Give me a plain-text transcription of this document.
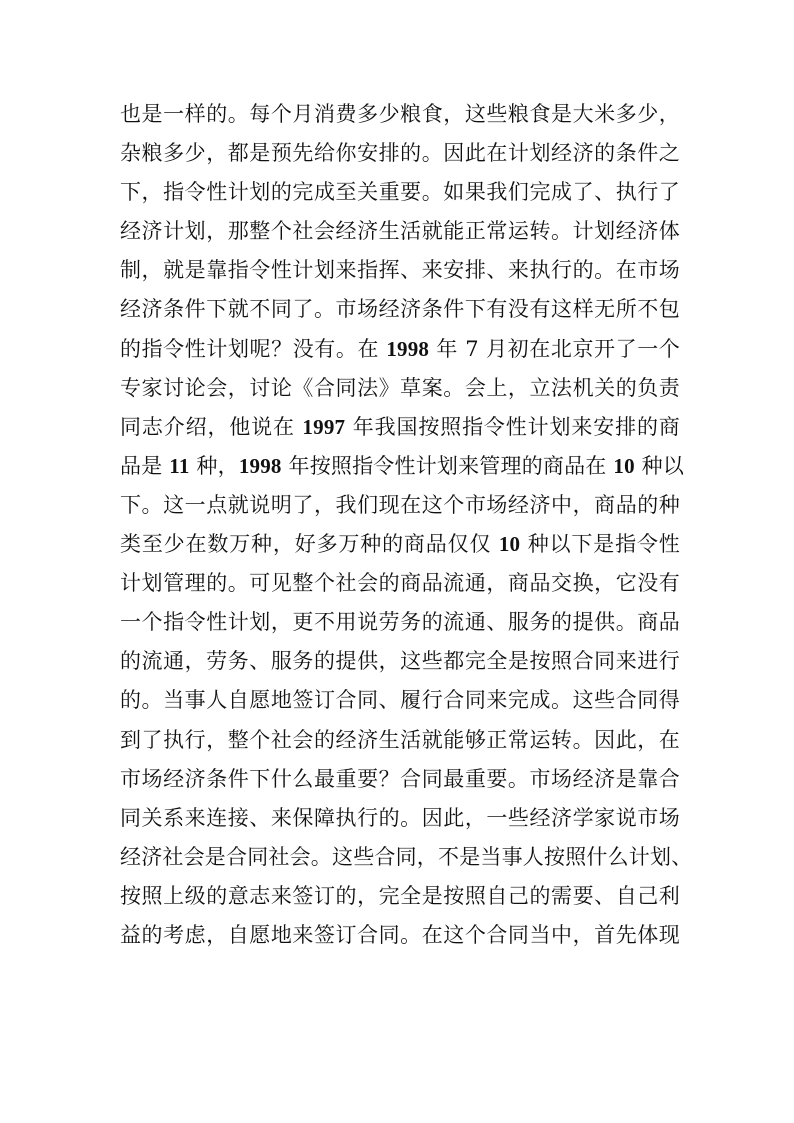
也是一样的。每个月消费多少粮食，这些粮食是大米多少，
杂粮多少，都是预先给你安排的。因此在计划经济的条件之
下，指令性计划的完成至关重要。如果我们完成了、执行了
经济计划，那整个社会经济生活就能正常运转。计划经济体
制，就是靠指令性计划来指挥、来安排、来执行的。在市场
经济条件下就不同了。市场经济条件下有没有这样无所不包
的指令性计划呢？没有。在 1998 年 7 月初在北京开了一个
专家讨论会，讨论《合同法》草案。会上，立法机关的负责
同志介绍，他说在 1997 年我国按照指令性计划来安排的商
品是 11 种，1998 年按照指令性计划来管理的商品在 10 种以
下。这一点就说明了，我们现在这个市场经济中，商品的种
类至少在数万种，好多万种的商品仅仅 10 种以下是指令性
计划管理的。可见整个社会的商品流通，商品交换，它没有
一个指令性计划，更不用说劳务的流通、服务的提供。商品
的流通，劳务、服务的提供，这些都完全是按照合同来进行
的。当事人自愿地签订合同、履行合同来完成。这些合同得
到了执行，整个社会的经济生活就能够正常运转。因此，在
市场经济条件下什么最重要？合同最重要。市场经济是靠合
同关系来连接、来保障执行的。因此，一些经济学家说市场
经济社会是合同社会。这些合同，不是当事人按照什么计划、
按照上级的意志来签订的，完全是按照自己的需要、自己利
益的考虑，自愿地来签订合同。在这个合同当中，首先体现
